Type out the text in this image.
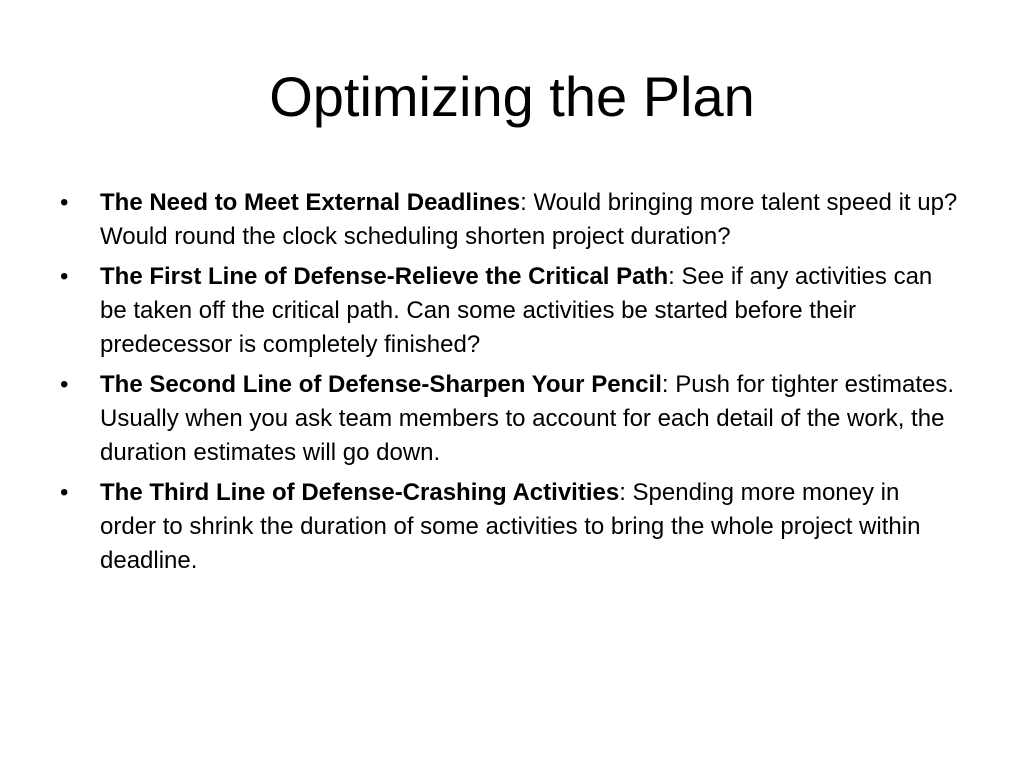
Optimizing the Plan
•	The Need to Meet External Deadlines: Would bringing more talent speed it up? Would round the clock scheduling shorten project duration?
•	The First Line of Defense-Relieve the Critical Path: See if any activities can be taken off the critical path. Can some activities be started before their predecessor is completely finished?
•	The Second Line of Defense-Sharpen Your Pencil: Push for tighter estimates. Usually when you ask team members to account for each detail of the work, the duration estimates will go down.
•	The Third Line of Defense-Crashing Activities: Spending more money in order to shrink the duration of some activities to bring the whole project within deadline.
